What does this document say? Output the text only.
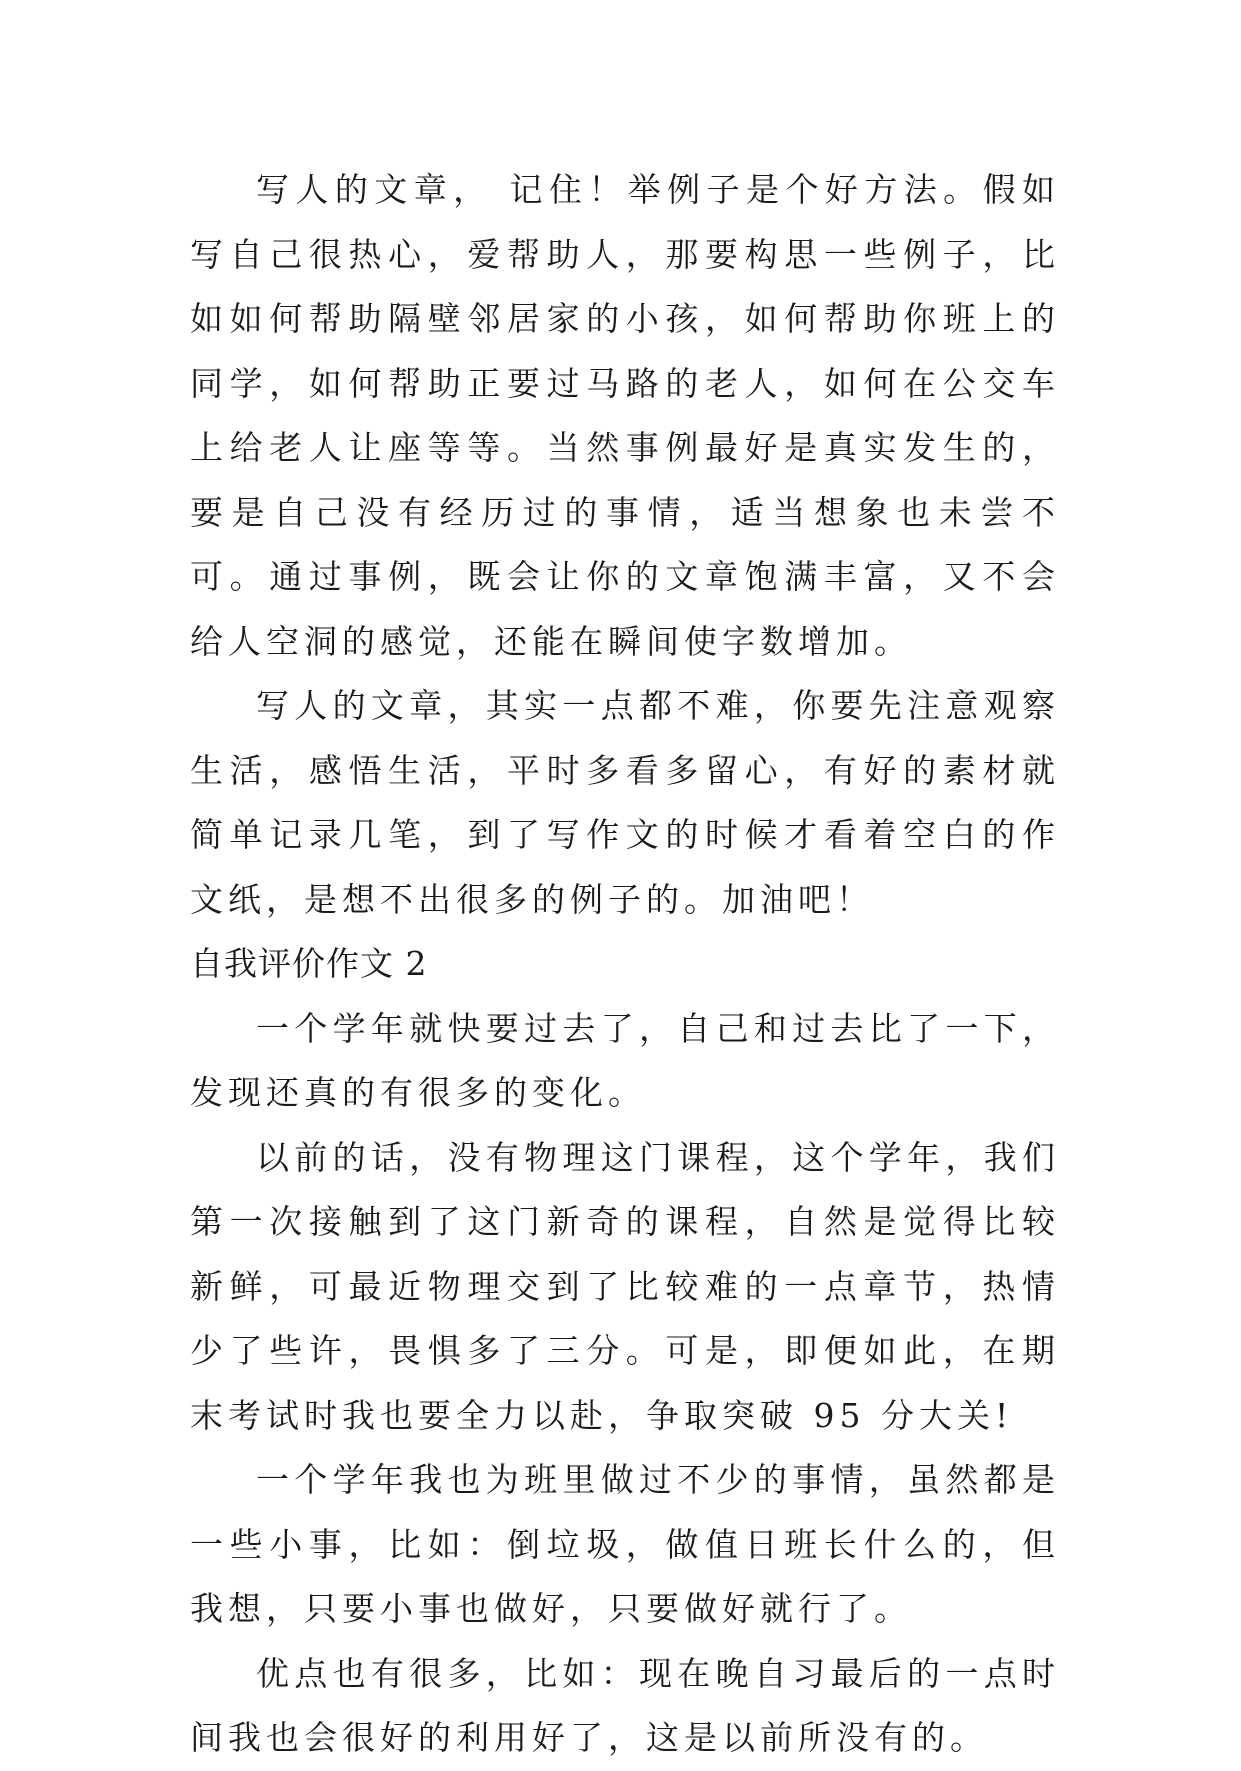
写人的文章， 记住！举例子是个好方法。假如写自己很热心，爱帮助人，那要构思一些例子，比如如何帮助隔壁邻居家的小孩，如何帮助你班上的同学，如何帮助正要过马路的老人，如何在公交车上给老人让座等等。当然事例最好是真实发生的，要是自己没有经历过的事情，适当想象也未尝不可。通过事例，既会让你的文章饱满丰富，又不会给人空洞的感觉，还能在瞬间使字数增加。

写人的文章，其实一点都不难，你要先注意观察生活，感悟生活，平时多看多留心，有好的素材就简单记录几笔，到了写作文的时候才看着空白的作文纸，是想不出很多的例子的。加油吧！

自我评价作文 2

一个学年就快要过去了，自己和过去比了一下，发现还真的有很多的变化。

以前的话，没有物理这门课程，这个学年，我们第一次接触到了这门新奇的课程，自然是觉得比较新鲜，可最近物理交到了比较难的一点章节，热情少了些许，畏惧多了三分。可是，即便如此，在期末考试时我也要全力以赴，争取突破 95 分大关!

一个学年我也为班里做过不少的事情，虽然都是一些小事，比如：倒垃圾，做值日班长什么的，但我想，只要小事也做好，只要做好就行了。

优点也有很多，比如：现在晚自习最后的一点时间我也会很好的利用好了，这是以前所没有的。
